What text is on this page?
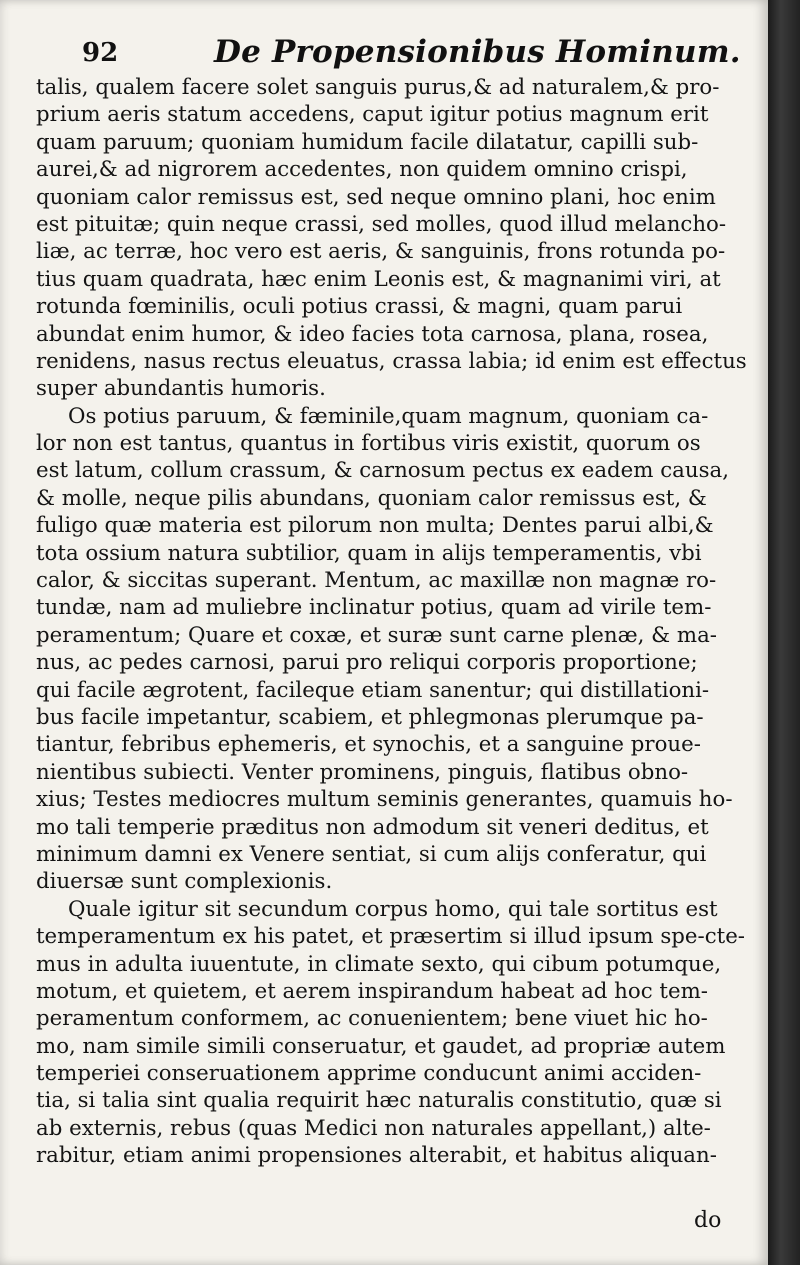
92	De Propensionibus Hominum.
talis, qualem facere solet sanguis purus,& ad naturalem,& pro-
prium aeris statum accedens, caput igitur potius magnum erit
quam paruum; quoniam humidum facile dilatatur, capilli sub-
aurei,& ad nigrorem accedentes, non quidem omnino crispi,
quoniam calor remissus est, sed neque omnino plani, hoc enim
est pituitæ; quin neque crassi, sed molles, quod illud melancho-
liæ, ac terræ, hoc vero est aeris, & sanguinis, frons rotunda po-
tius quam quadrata, hæc enim Leonis est, & magnanimi viri, at
rotunda fœminilis, oculi potius crassi, & magni, quam parui
abundat enim humor, & ideo facies tota carnosa, plana, rosea,
renidens, nasus rectus eleuatus, crassa labia; id enim est effectus
super abundantis humoris.
Os potius paruum, & fæminile,quam magnum, quoniam ca-
lor non est tantus, quantus in fortibus viris existit, quorum os
est latum, collum crassum, & carnosum pectus ex eadem causa,
& molle, neque pilis abundans, quoniam calor remissus est, &
fuligo quæ materia est pilorum non multa; Dentes parui albi,&
tota ossium natura subtilior, quam in alijs temperamentis, vbi
calor, & siccitas superant. Mentum, ac maxillæ non magnæ ro-
tundæ, nam ad muliebre inclinatur potius, quam ad virile tem-
peramentum; Quare et coxæ, et suræ sunt carne plenæ, & ma-
nus, ac pedes carnosi, parui pro reliqui corporis proportione;
qui facile ægrotent, facileque etiam sanentur; qui distillationi-
bus facile impetantur, scabiem, et phlegmonas plerumque pa-
tiantur, febribus ephemeris, et synochis, et a sanguine proue-
nientibus subiecti. Venter prominens, pinguis, flatibus obno-
xius; Testes mediocres multum seminis generantes, quamuis ho-
mo tali temperie præditus non admodum sit veneri deditus, et
minimum damni ex Venere sentiat, si cum alijs conferatur, qui
diuersæ sunt complexionis.
Quale igitur sit secundum corpus homo, qui tale sortitus est
temperamentum ex his patet, et præsertim si illud ipsum spe-cte-
mus in adulta iuuentute, in climate sexto, qui cibum potumque,
motum, et quietem, et aerem inspirandum habeat ad hoc tem-
peramentum conformem, ac conuenientem; bene viuet hic ho-
mo, nam simile simili conseruatur, et gaudet, ad propriæ autem
temperiei conseruationem apprime conducunt animi acciden-
tia, si talia sint qualia requirit hæc naturalis constitutio, quæ si
ab externis, rebus (quas Medici non naturales appellant,) alte-
rabitur, etiam animi propensiones alterabit, et habitus aliquan-
do
